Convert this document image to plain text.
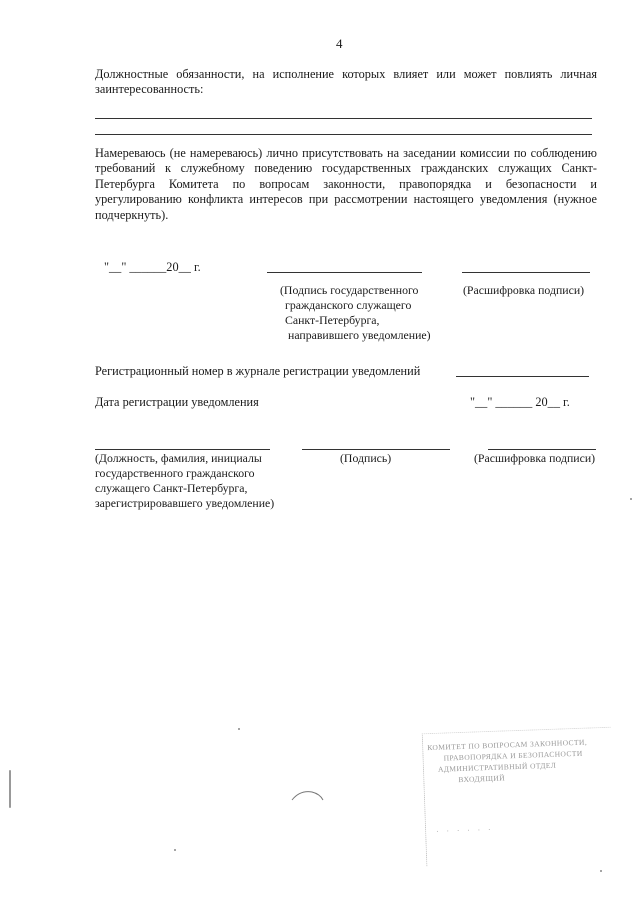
4
Должностные обязанности, на исполнение которых влияет или может повлиять личная заинтересованность:
Намереваюсь (не намереваюсь) лично присутствовать на заседании комиссии по соблюдению требований к служебному поведению государственных гражданских служащих Санкт-Петербурга Комитета по вопросам законности, правопорядка и безопасности и урегулированию конфликта интересов при рассмотрении настоящего уведомления (нужное подчеркнуть).
"__" ______20__ г.
(Подпись государственного
гражданского служащего
Санкт-Петербурга,
направившего уведомление)
(Расшифровка подписи)
Регистрационный номер в журнале регистрации уведомлений
Дата регистрации уведомления	"__" ______ 20__ г.
(Должность, фамилия, инициалы
государственного гражданского
служащего Санкт-Петербурга,
зарегистрировавшего уведомление)
(Подпись)	(Расшифровка подписи)
КОМИТЕТ ПО ВОПРОСАМ ЗАКОННОСТИ,
ПРАВОПОРЯДКА И БЕЗОПАСНОСТИ
АДМИНИСТРАТИВНЫЙ ОТДЕЛ
ВХОДЯЩИЙ
· · · · · ·
